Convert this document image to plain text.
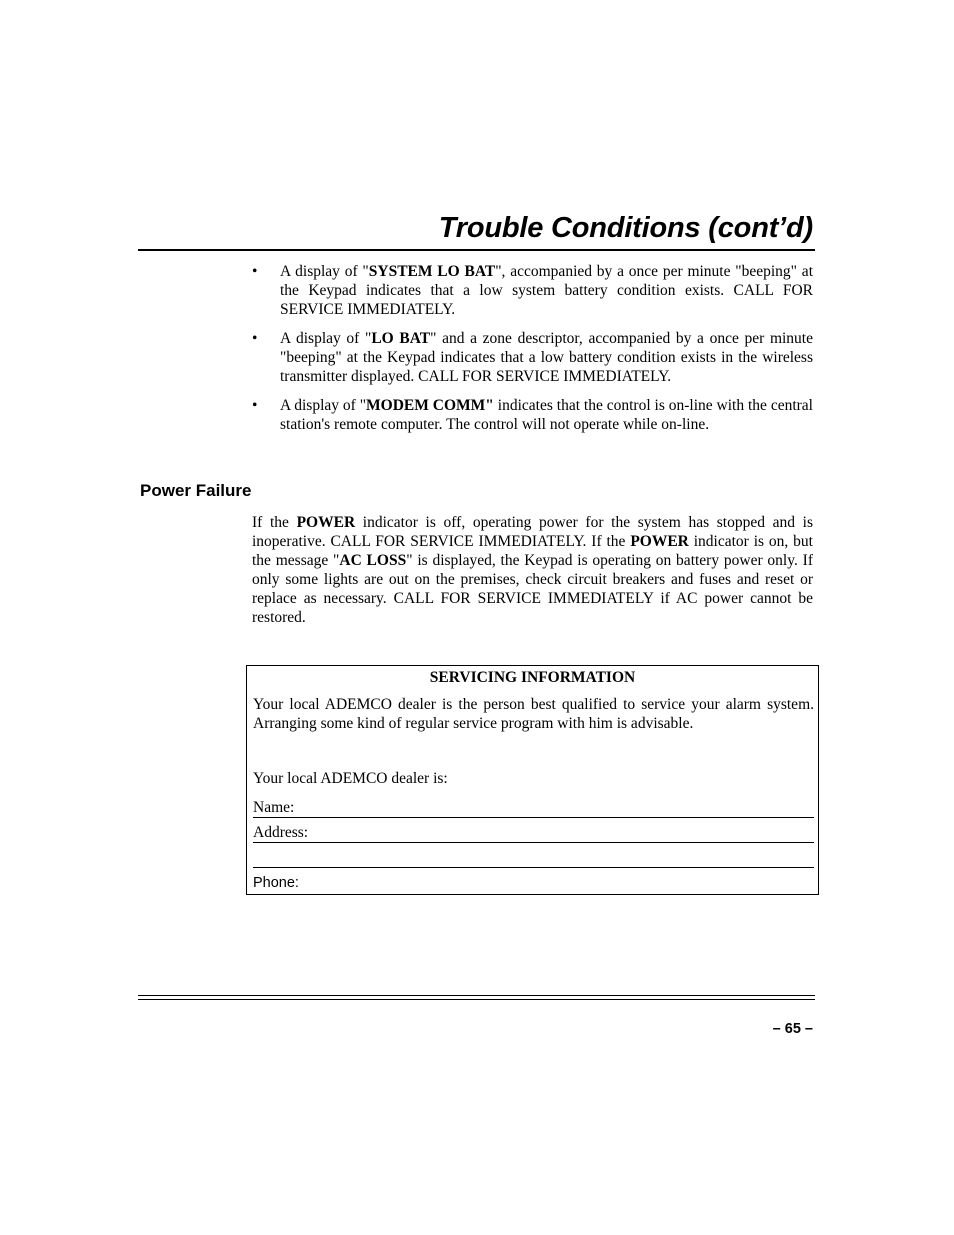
Trouble Conditions (cont’d)
• A display of "SYSTEM LO BAT", accompanied by a once per minute "beeping" at the Keypad indicates that a low system battery condition exists. CALL FOR SERVICE IMMEDIATELY.
• A display of "LO BAT" and a zone descriptor, accompanied by a once per minute "beeping" at the Keypad indicates that a low battery condition exists in the wireless transmitter displayed. CALL FOR SERVICE IMMEDIATELY.
• A display of "MODEM COMM" indicates that the control is on-line with the central station's remote computer. The control will not operate while on-line.
Power Failure

If the POWER indicator is off, operating power for the system has stopped and is inoperative. CALL FOR SERVICE IMMEDIATELY. If the POWER indicator is on, but the message "AC LOSS" is displayed, the Keypad is operating on battery power only. If only some lights are out on the premises, check circuit breakers and fuses and reset or replace as necessary. CALL FOR SERVICE IMMEDIATELY if AC power cannot be restored.

SERVICING INFORMATION

Your local ADEMCO dealer is the person best qualified to service your alarm system. Arranging some kind of regular service program with him is advisable.

Your local ADEMCO dealer is:

Name:
Address:
Phone:

– 65 –
